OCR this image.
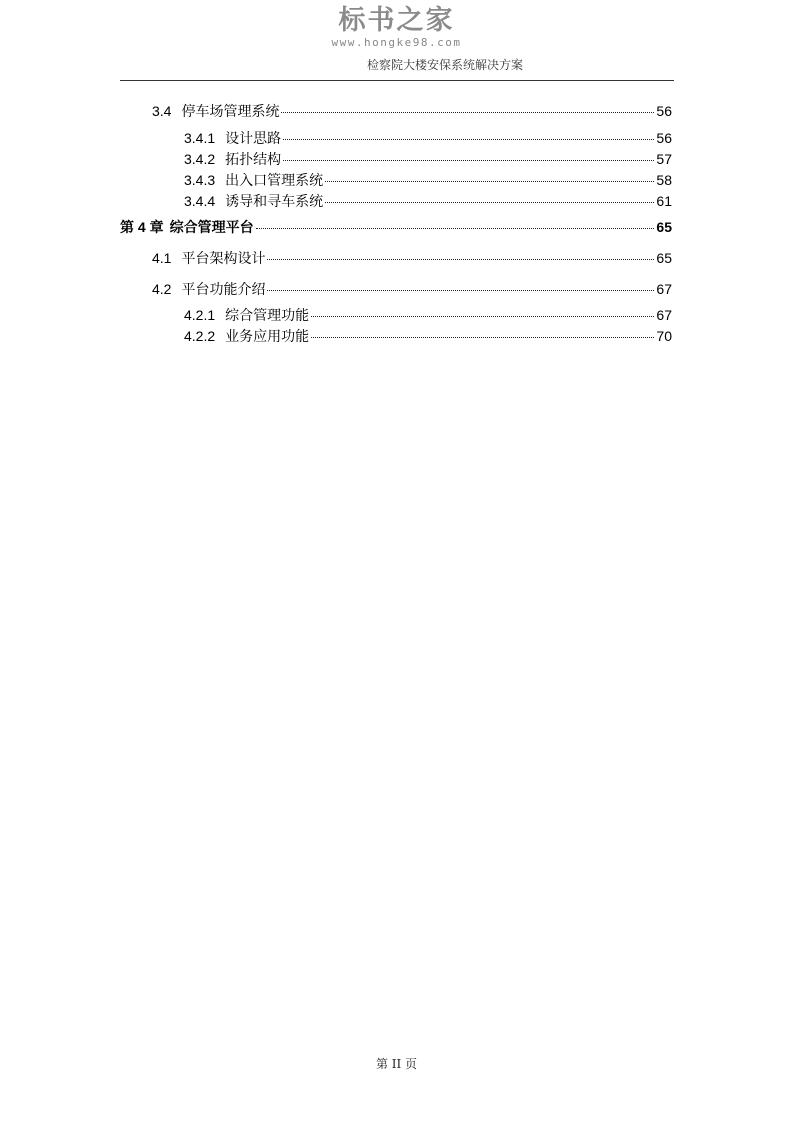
标书之家
www.hongke98.com
检察院大楼安保系统解决方案
3.4 停车场管理系统	56
3.4.1 设计思路	56
3.4.2 拓扑结构	57
3.4.3 出入口管理系统	58
3.4.4 诱导和寻车系统	61
第 4 章 综合管理平台	65
4.1 平台架构设计	65
4.2 平台功能介绍	67
4.2.1 综合管理功能	67
4.2.2 业务应用功能	70
第 II 页
